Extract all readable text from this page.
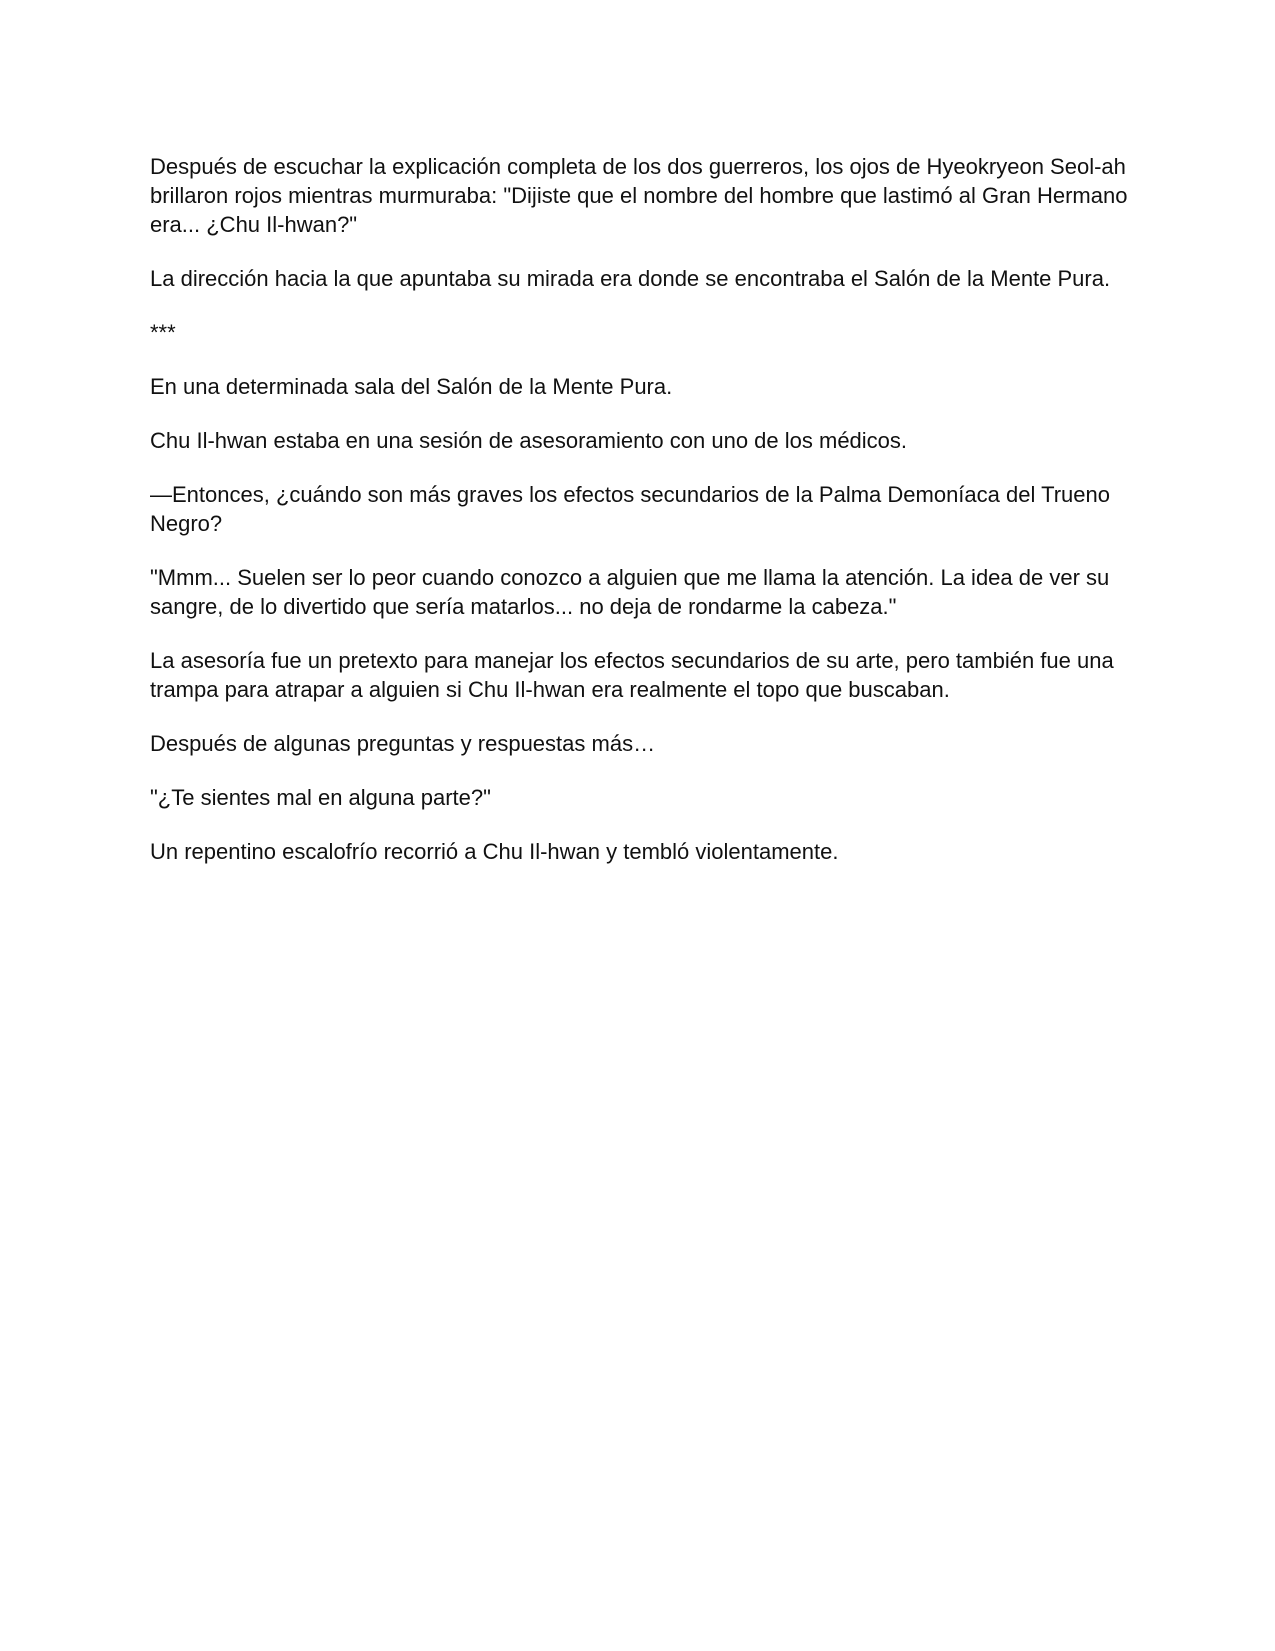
Después de escuchar la explicación completa de los dos guerreros, los ojos de Hyeokryeon Seol-ah brillaron rojos mientras murmuraba: "Dijiste que el nombre del hombre que lastimó al Gran Hermano era... ¿Chu Il-hwan?"

La dirección hacia la que apuntaba su mirada era donde se encontraba el Salón de la Mente Pura.

***

En una determinada sala del Salón de la Mente Pura.

Chu Il-hwan estaba en una sesión de asesoramiento con uno de los médicos.

—Entonces, ¿cuándo son más graves los efectos secundarios de la Palma Demoníaca del Trueno Negro?

"Mmm... Suelen ser lo peor cuando conozco a alguien que me llama la atención. La idea de ver su sangre, de lo divertido que sería matarlos... no deja de rondarme la cabeza."

La asesoría fue un pretexto para manejar los efectos secundarios de su arte, pero también fue una trampa para atrapar a alguien si Chu Il-hwan era realmente el topo que buscaban.

Después de algunas preguntas y respuestas más…

"¿Te sientes mal en alguna parte?"

Un repentino escalofrío recorrió a Chu Il-hwan y tembló violentamente.
